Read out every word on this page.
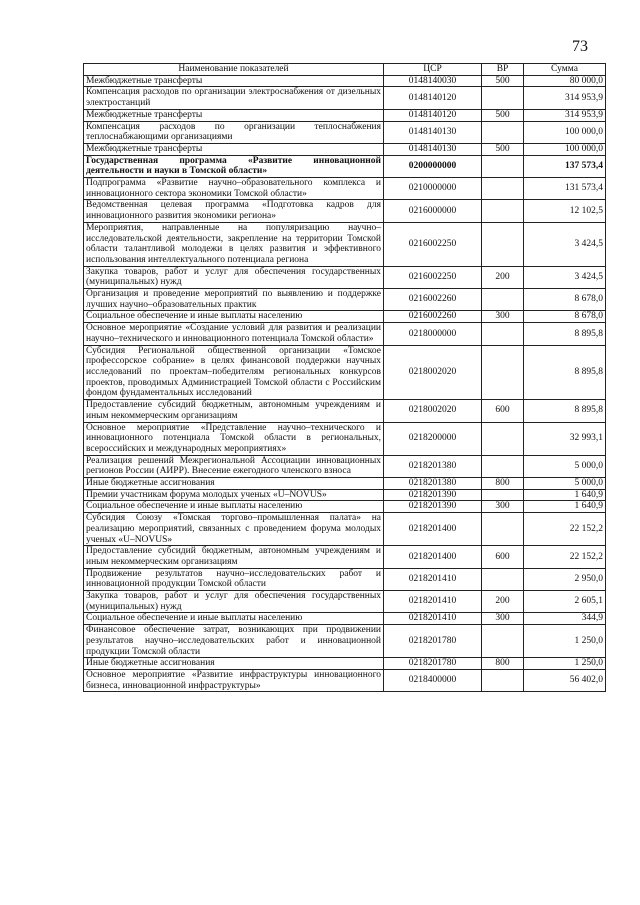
73
Наименование показателей	ЦСР	ВР	Сумма
Межбюджетные трансферты	0148140030	500	80 000,0
Компенсация расходов по организации электроснабжения от дизельных электростанций	0148140120		314 953,9
Межбюджетные трансферты	0148140120	500	314 953,9
Компенсация расходов по организации теплоснабжения теплоснабжающими организациями	0148140130		100 000,0
Межбюджетные трансферты	0148140130	500	100 000,0
Государственная программа «Развитие инновационной деятельности и науки в Томской области»	0200000000		137 573,4
Подпрограмма «Развитие научно–образовательного комплекса и инновационного сектора экономики Томской области»	0210000000		131 573,4
Ведомственная целевая программа «Подготовка кадров для инновационного развития экономики региона»	0216000000		12 102,5
Мероприятия, направленные на популяризацию научно–исследовательской деятельности, закрепление на территории Томской области талантливой молодежи в целях развития и эффективного использования интеллектуального потенциала региона	0216002250		3 424,5
Закупка товаров, работ и услуг для обеспечения государственных (муниципальных) нужд	0216002250	200	3 424,5
Организация и проведение мероприятий по выявлению и поддержке лучших научно–образовательных практик	0216002260		8 678,0
Социальное обеспечение и иные выплаты населению	0216002260	300	8 678,0
Основное мероприятие «Создание условий для развития и реализации научно–технического и инновационного потенциала Томской области»	0218000000		8 895,8
Субсидия Региональной общественной организации «Томское профессорское собрание» в целях финансовой поддержки научных исследований по проектам–победителям региональных конкурсов проектов, проводимых Администрацией Томской области с Российским фондом фундаментальных исследований	0218002020		8 895,8
Предоставление субсидий бюджетным, автономным учреждениям и иным некоммерческим организациям	0218002020	600	8 895,8
Основное мероприятие «Представление научно–технического и инновационного потенциала Томской области в региональных, всероссийских и международных мероприятиях»	0218200000		32 993,1
Реализация решений Межрегиональной Ассоциации инновационных регионов России (АИРР). Внесение ежегодного членского взноса	0218201380		5 000,0
Иные бюджетные ассигнования	0218201380	800	5 000,0
Премии участникам форума молодых ученых «U–NOVUS»	0218201390		1 640,9
Социальное обеспечение и иные выплаты населению	0218201390	300	1 640,9
Субсидия Союзу «Томская торгово–промышленная палата» на реализацию мероприятий, связанных с проведением форума молодых ученых «U–NOVUS»	0218201400		22 152,2
Предоставление субсидий бюджетным, автономным учреждениям и иным некоммерческим организациям	0218201400	600	22 152,2
Продвижение результатов научно–исследовательских работ и инновационной продукции Томской области	0218201410		2 950,0
Закупка товаров, работ и услуг для обеспечения государственных (муниципальных) нужд	0218201410	200	2 605,1
Социальное обеспечение и иные выплаты населению	0218201410	300	344,9
Финансовое обеспечение затрат, возникающих при продвижении результатов научно–исследовательских работ и инновационной продукции Томской области	0218201780		1 250,0
Иные бюджетные ассигнования	0218201780	800	1 250,0
Основное мероприятие «Развитие инфраструктуры инновационного бизнеса, инновационной инфраструктуры»	0218400000		56 402,0
